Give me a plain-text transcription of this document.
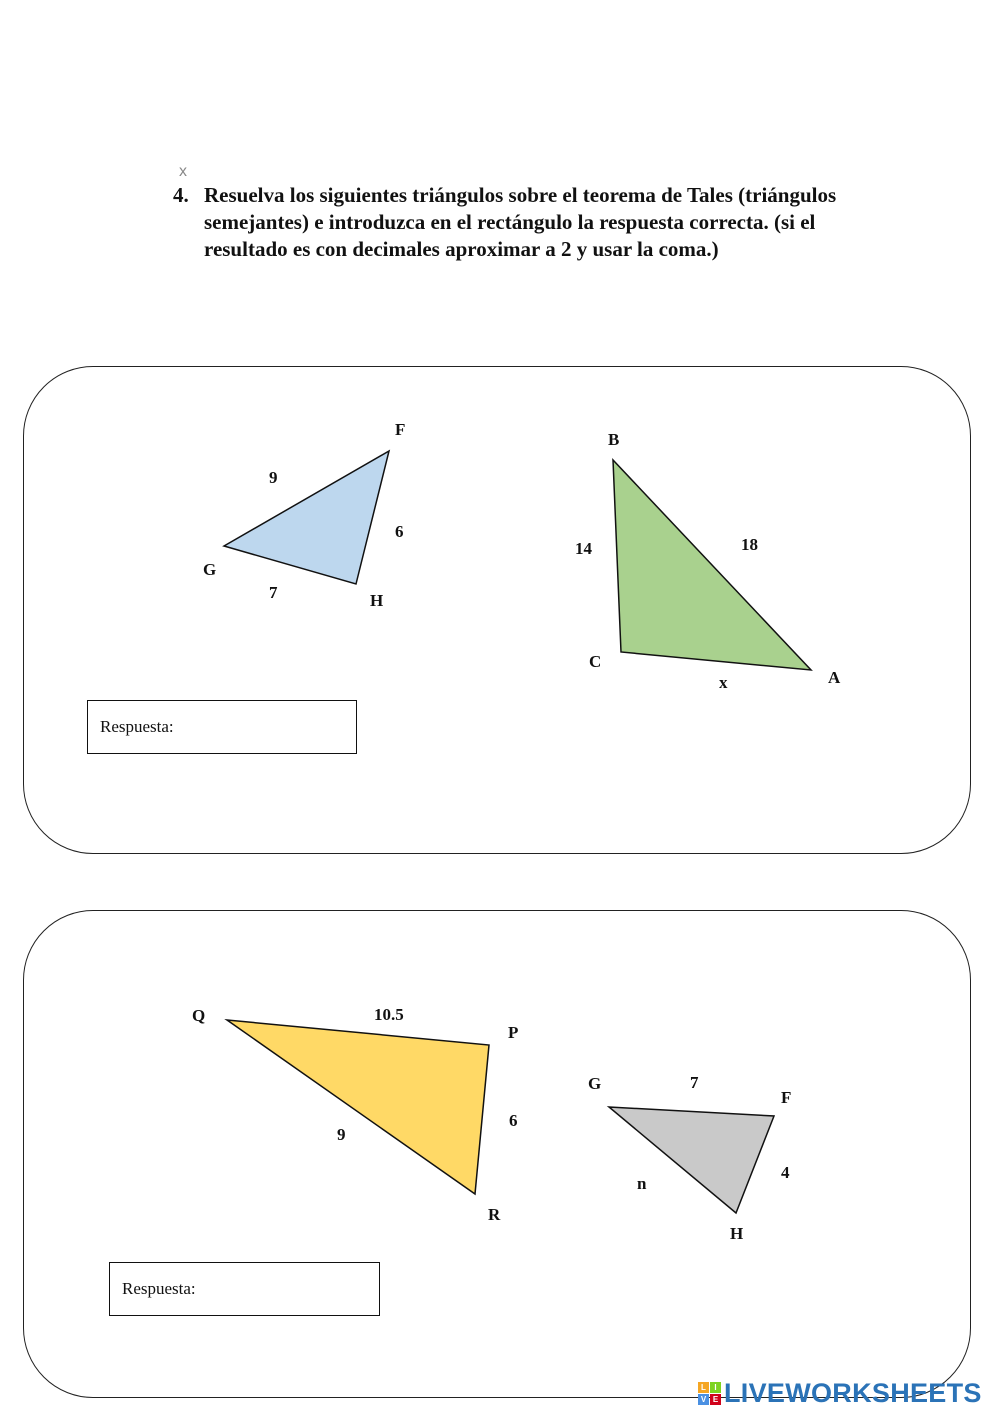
x
4. Resuelva los siguientes triángulos sobre el teorema de Tales (triángulos semejantes) e introduzca en el rectángulo la respuesta correcta. (si el resultado es con decimales aproximar a 2 y usar la coma.)
F
G
H
9
6
7
B
C
A
14	18
x
Q
P
R
10.5
6
9
G
F
H
7
4
n
Respuesta:
Respuesta:
L	I
V E LIVEWORKSHEETS
